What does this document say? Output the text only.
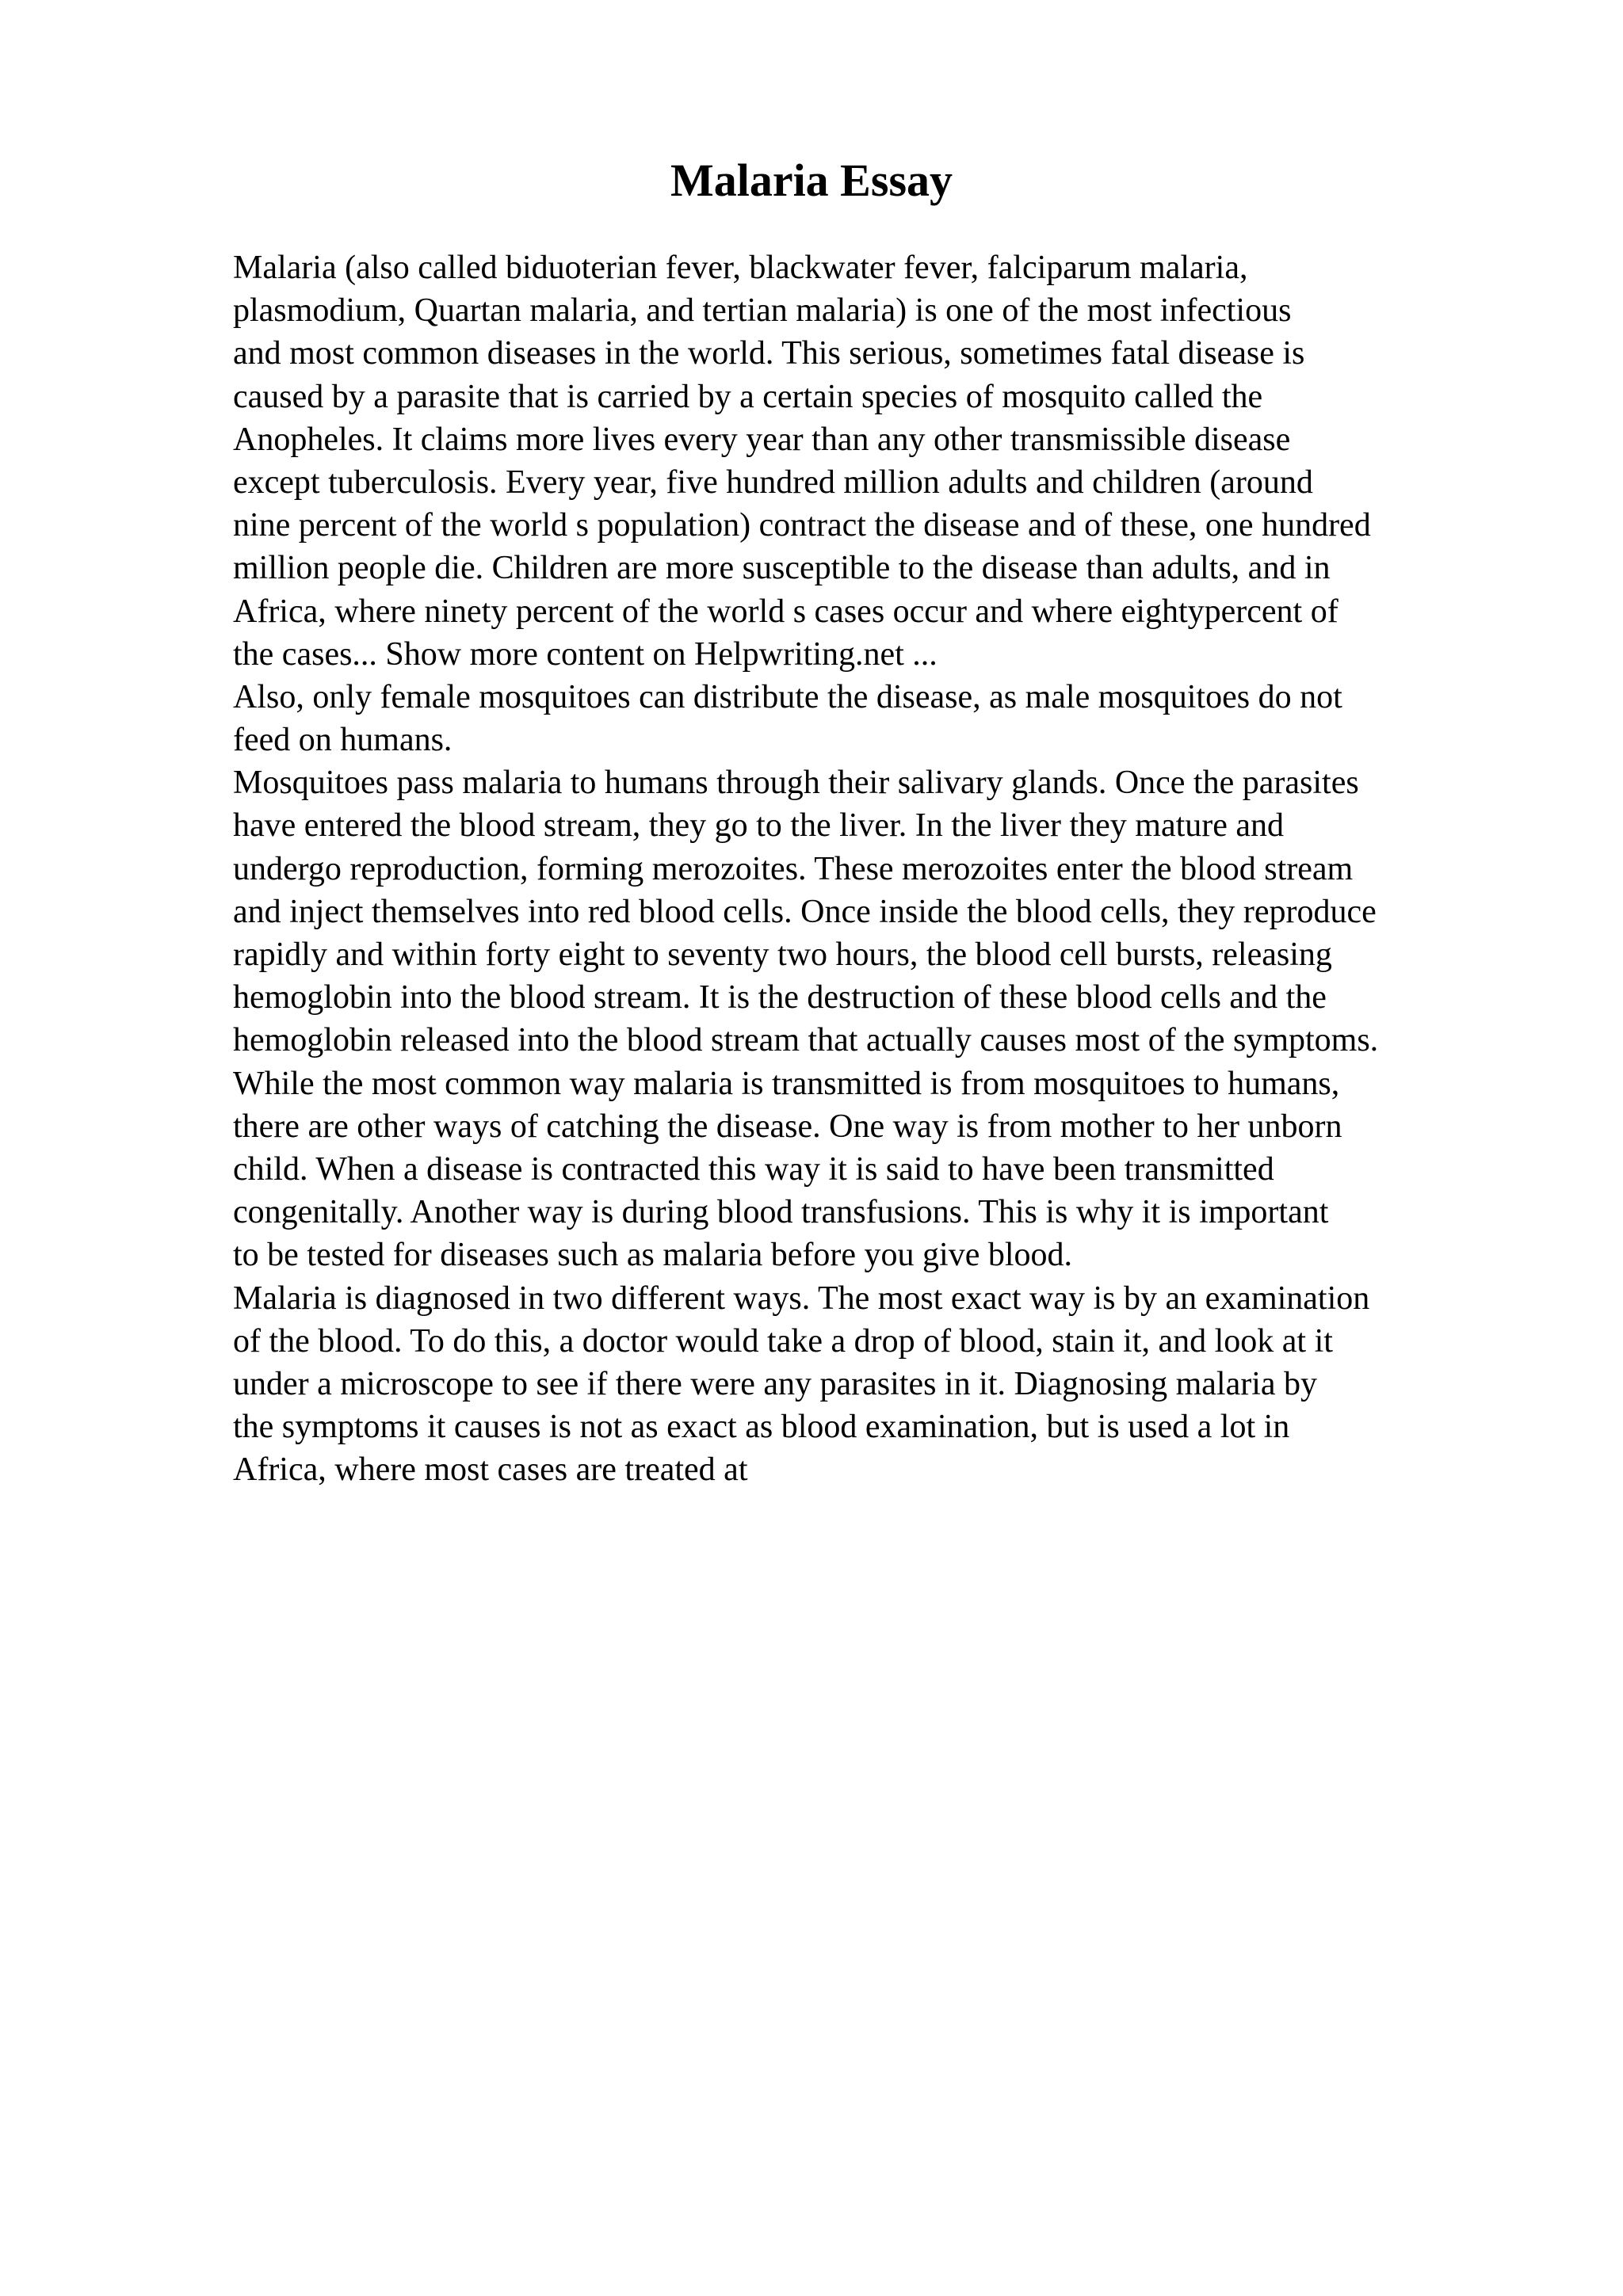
Malaria Essay
Malaria (also called biduoterian fever, blackwater fever, falciparum malaria,
plasmodium, Quartan malaria, and tertian malaria) is one of the most infectious
and most common diseases in the world. This serious, sometimes fatal disease is
caused by a parasite that is carried by a certain species of mosquito called the
Anopheles. It claims more lives every year than any other transmissible disease
except tuberculosis. Every year, five hundred million adults and children (around
nine percent of the world s population) contract the disease and of these, one hundred
million people die. Children are more susceptible to the disease than adults, and in
Africa, where ninety percent of the world s cases occur and where eightypercent of
the cases... Show more content on Helpwriting.net ...
Also, only female mosquitoes can distribute the disease, as male mosquitoes do not
feed on humans.
Mosquitoes pass malaria to humans through their salivary glands. Once the parasites
have entered the blood stream, they go to the liver. In the liver they mature and
undergo reproduction, forming merozoites. These merozoites enter the blood stream
and inject themselves into red blood cells. Once inside the blood cells, they reproduce
rapidly and within forty eight to seventy two hours, the blood cell bursts, releasing
hemoglobin into the blood stream. It is the destruction of these blood cells and the
hemoglobin released into the blood stream that actually causes most of the symptoms.
While the most common way malaria is transmitted is from mosquitoes to humans,
there are other ways of catching the disease. One way is from mother to her unborn
child. When a disease is contracted this way it is said to have been transmitted
congenitally. Another way is during blood transfusions. This is why it is important
to be tested for diseases such as malaria before you give blood.
Malaria is diagnosed in two different ways. The most exact way is by an examination
of the blood. To do this, a doctor would take a drop of blood, stain it, and look at it
under a microscope to see if there were any parasites in it. Diagnosing malaria by
the symptoms it causes is not as exact as blood examination, but is used a lot in
Africa, where most cases are treated at
